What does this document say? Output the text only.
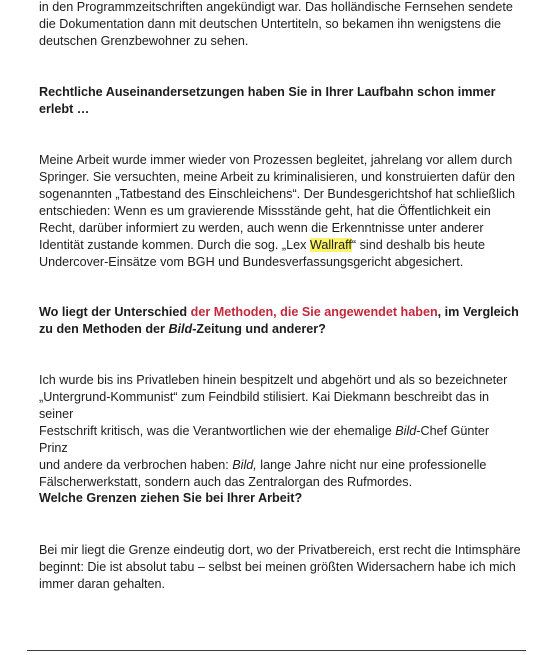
in den Programmzeitschriften angekündigt war. Das holländische Fernsehen sendete
die Dokumentation dann mit deutschen Untertiteln, so bekamen ihn wenigstens die
deutschen Grenzbewohner zu sehen.

Rechtliche Auseinandersetzungen haben Sie in Ihrer Laufbahn schon immer
erlebt …

Meine Arbeit wurde immer wieder von Prozessen begleitet, jahrelang vor allem durch
Springer. Sie versuchten, meine Arbeit zu kriminalisieren, und konstruierten dafür den
sogenannten „Tatbestand des Einschleichens“. Der Bundesgerichtshof hat schließlich
entschieden: Wenn es um gravierende Missstände geht, hat die Öffentlichkeit ein
Recht, darüber informiert zu werden, auch wenn die Erkenntnisse unter anderer
Identität zustande kommen. Durch die sog. „Lex Wallraff“ sind deshalb bis heute
Undercover-Einsätze vom BGH und Bundesverfassungsgericht abgesichert.

Wo liegt der Unterschied der Methoden, die Sie angewendet haben, im Vergleich
zu den Methoden der Bild-Zeitung und anderer?

Ich wurde bis ins Privatleben hinein bespitzelt und abgehört und als so bezeichneter
„Untergrund-Kommunist“ zum Feindbild stilisiert. Kai Diekmann beschreibt das in seiner
Festschrift kritisch, was die Verantwortlichen wie der ehemalige Bild-Chef Günter Prinz
und andere da verbrochen haben: Bild, lange Jahre nicht nur eine professionelle
Fälscherwerkstatt, sondern auch das Zentralorgan des Rufmordes.

Welche Grenzen ziehen Sie bei Ihrer Arbeit?

Bei mir liegt die Grenze eindeutig dort, wo der Privatbereich, erst recht die Intimsphäre
beginnt: Die ist absolut tabu – selbst bei meinen größten Widersachern habe ich mich
immer daran gehalten.
